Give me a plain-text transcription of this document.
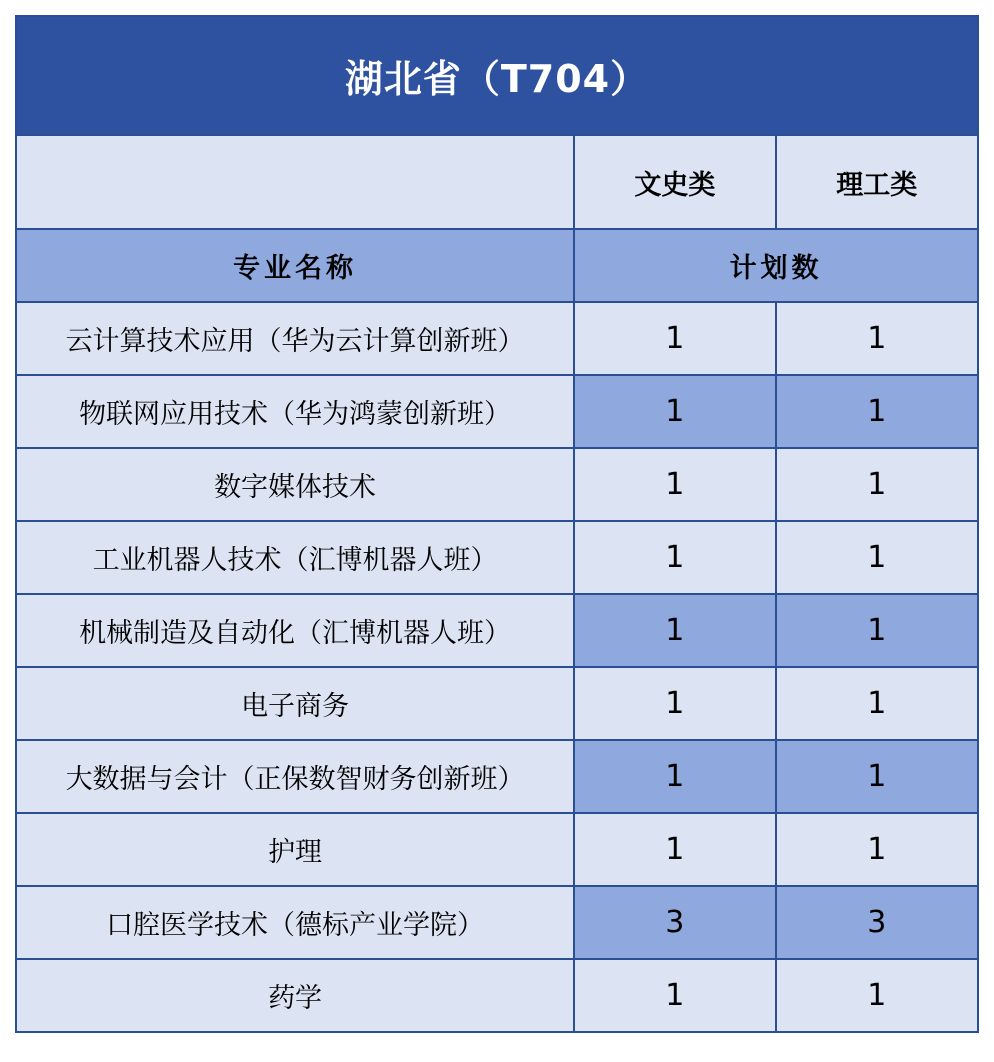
湖北省（T704）		
	文史类	理工类
专业名称	计划数	
云计算技术应用（华为云计算创新班）	1	1
物联网应用技术（华为鸿蒙创新班）	1	1
数字媒体技术	1	1
工业机器人技术（汇博机器人班）	1	1
机械制造及自动化（汇博机器人班）	1	1
电子商务	1	1
大数据与会计（正保数智财务创新班）	1	1
护理	1	1
口腔医学技术（德标产业学院）	3	3
药学	1	1
